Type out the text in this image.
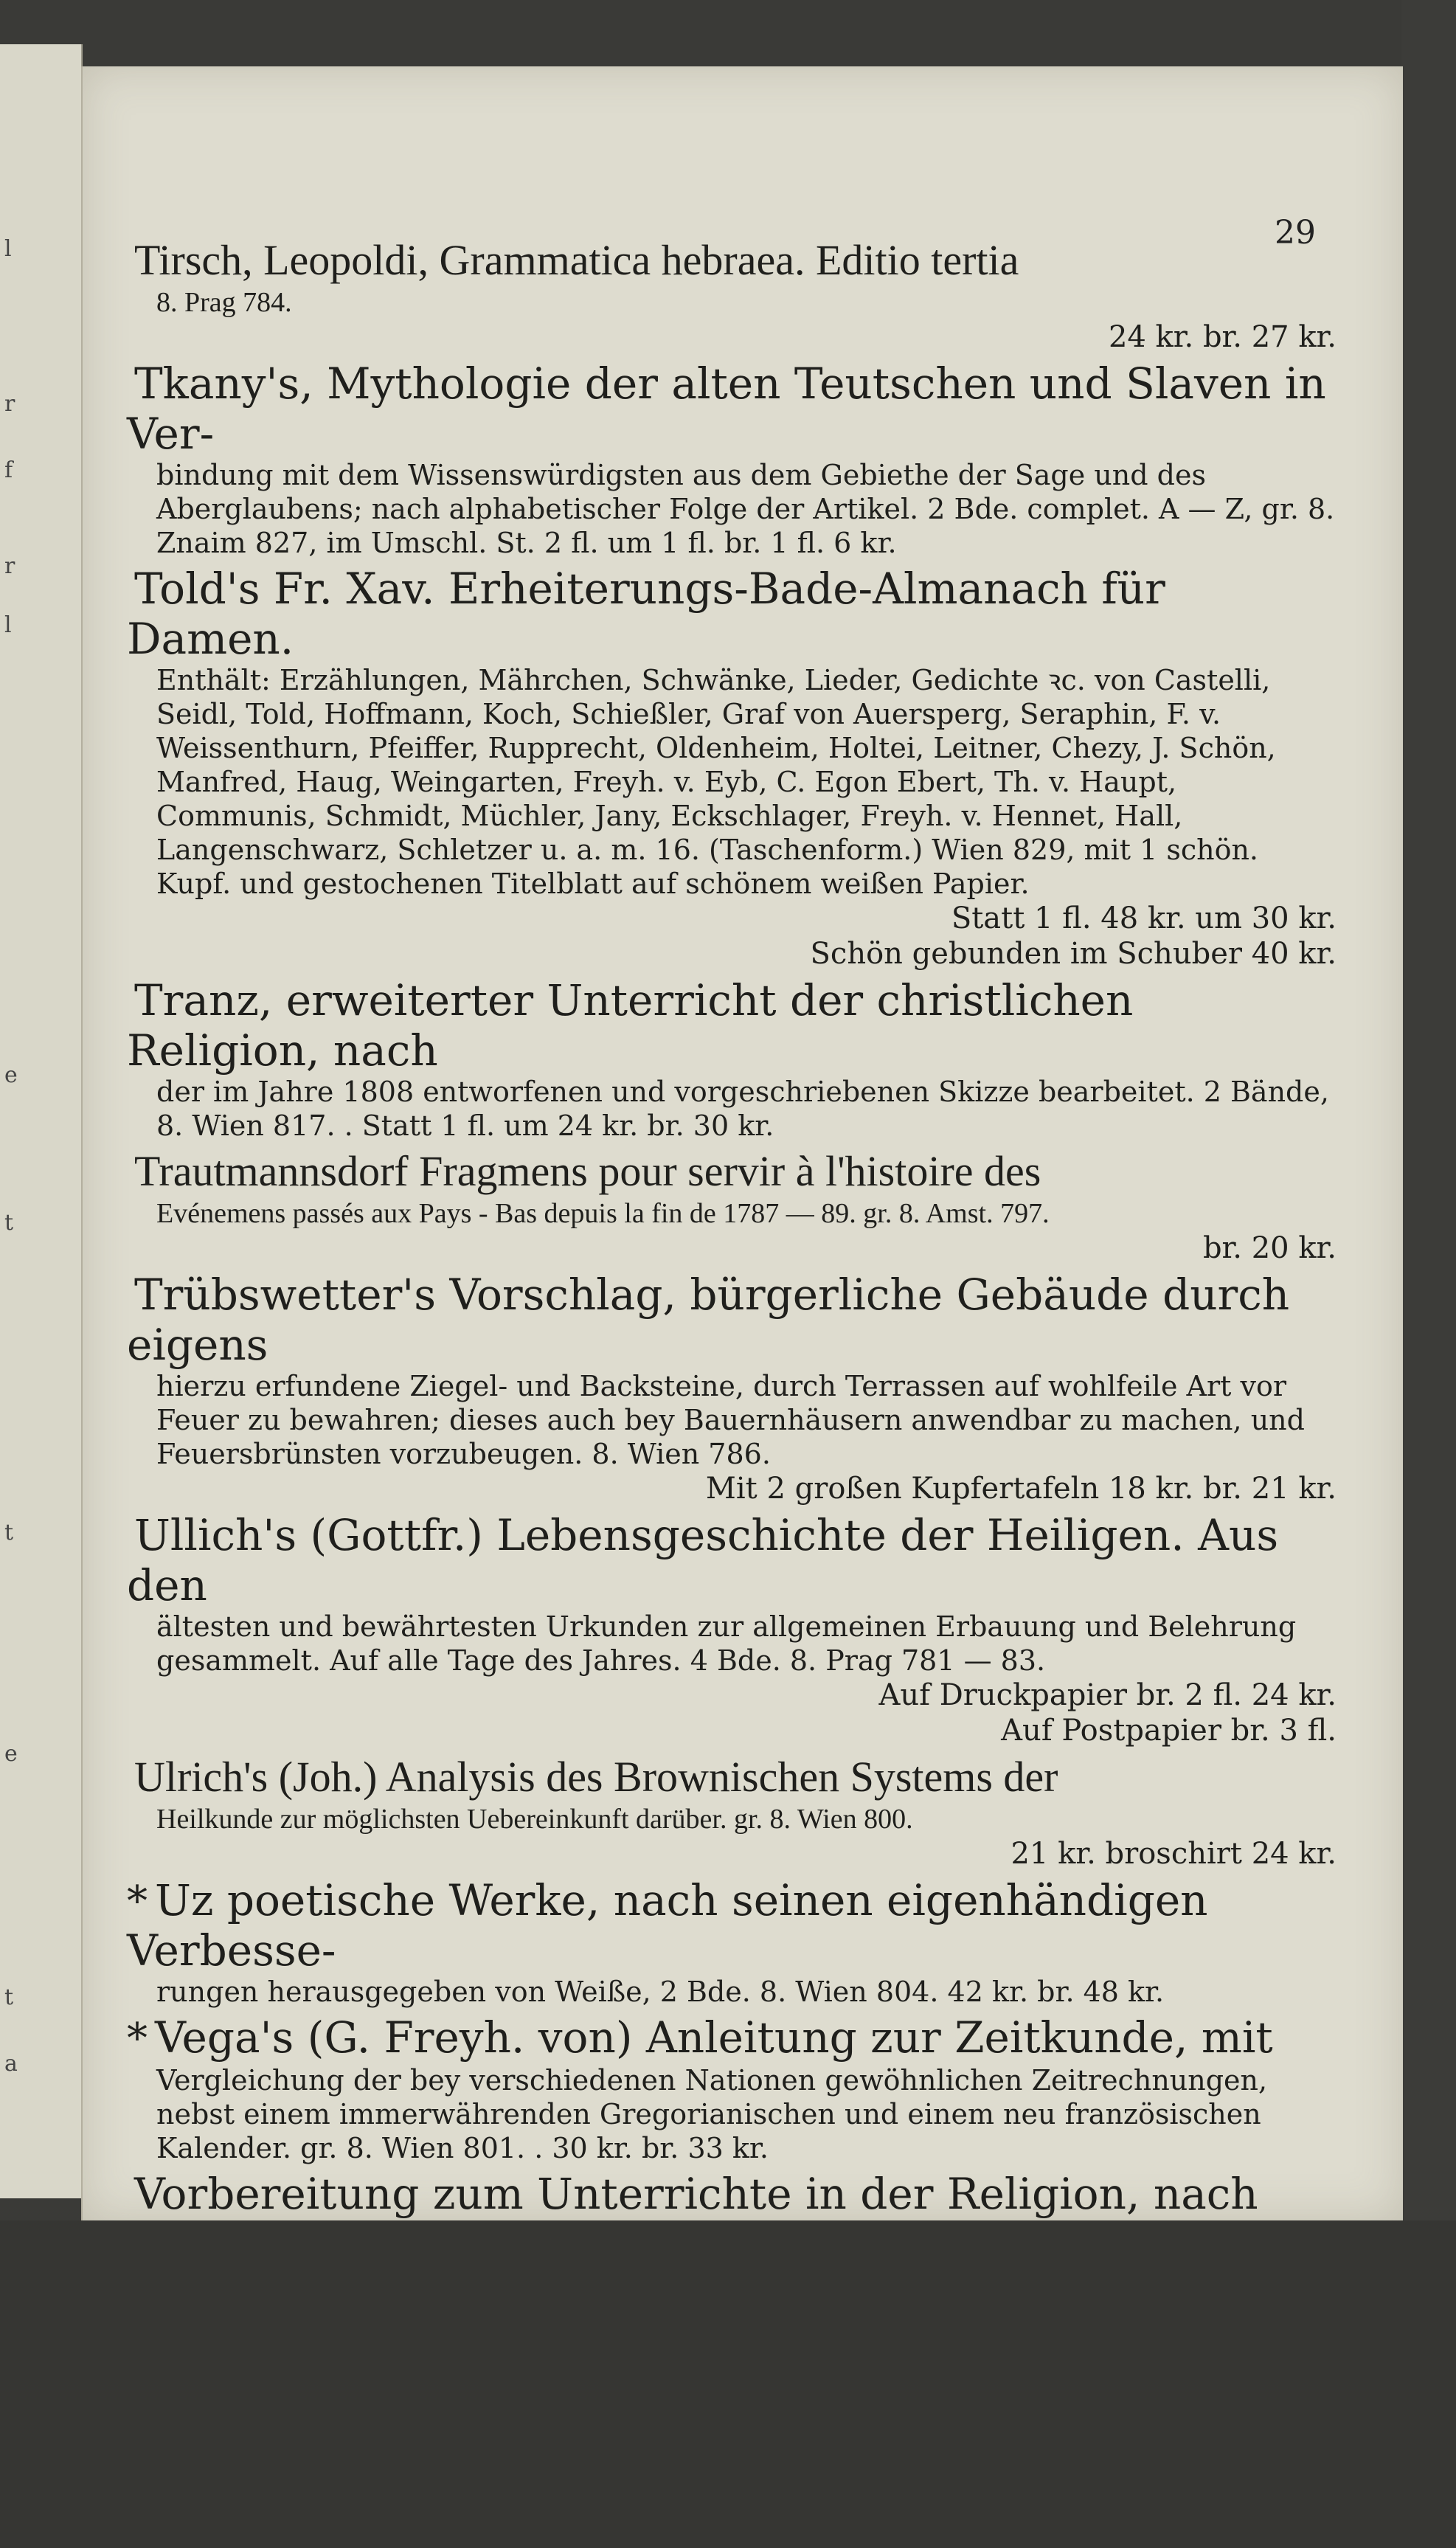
l
r
f
r
l
e
t
t
e
t
a
29

Tirsch, Leopoldi, Grammatica hebraea. Editio tertia

8. Prag 784.

24 kr. br. 27 kr.

Tkany's, Mythologie der alten Teutschen und Slaven in Ver-

bindung mit dem Wissenswürdigsten aus dem Gebiethe der Sage und des Aberglaubens; nach alphabetischer Folge der Artikel. 2 Bde. complet. A — Z, gr. 8. Znaim 827, im Umschl. St. 2 fl. um 1 fl. br. 1 fl. 6 kr.

Told's Fr. Xav. Erheiterungs-Bade-Almanach für Damen.

Enthält: Erzählungen, Mährchen, Schwänke, Lieder, Gedichte ꝛc. von Castelli, Seidl, Told, Hoffmann, Koch, Schießler, Graf von Auersperg, Seraphin, F. v. Weissenthurn, Pfeiffer, Rupprecht, Oldenheim, Holtei, Leitner, Chezy, J. Schön, Manfred, Haug, Weingarten, Freyh. v. Eyb, C. Egon Ebert, Th. v. Haupt, Communis, Schmidt, Müchler, Jany, Eckschlager, Freyh. v. Hennet, Hall, Langenschwarz, Schletzer u. a. m. 16. (Taschenform.) Wien 829, mit 1 schön. Kupf. und gestochenen Titelblatt auf schönem weißen Papier.

Statt 1 fl. 48 kr. um 30 kr.

Schön gebunden im Schuber 40 kr.

Tranz, erweiterter Unterricht der christlichen Religion, nach

der im Jahre 1808 entworfenen und vorgeschriebenen Skizze bearbeitet. 2 Bände, 8. Wien 817. . Statt 1 fl. um 24 kr. br. 30 kr.

Trautmannsdorf Fragmens pour servir à l'histoire des

Evénemens passés aux Pays - Bas depuis la fin de 1787 — 89. gr. 8. Amst. 797.

br. 20 kr.

Trübswetter's Vorschlag, bürgerliche Gebäude durch eigens

hierzu erfundene Ziegel- und Backsteine, durch Terrassen auf wohlfeile Art vor Feuer zu bewahren; dieses auch bey Bauernhäusern anwendbar zu machen, und Feuersbrünsten vorzubeugen. 8. Wien 786.

Mit 2 großen Kupfertafeln 18 kr. br. 21 kr.

Ullich's (Gottfr.) Lebensgeschichte der Heiligen. Aus den

ältesten und bewährtesten Urkunden zur allgemeinen Erbauung und Belehrung gesammelt. Auf alle Tage des Jahres. 4 Bde. 8. Prag 781 — 83.

Auf Druckpapier br. 2 fl. 24 kr.

Auf Postpapier br. 3 fl.

Ulrich's (Joh.) Analysis des Brownischen Systems der

Heilkunde zur möglichsten Uebereinkunft darüber. gr. 8. Wien 800.

21 kr. broschirt 24 kr.

* Uz poetische Werke, nach seinen eigenhändigen Verbesse-

rungen herausgegeben von Weiße, 2 Bde. 8. Wien 804. 42 kr. br. 48 kr.

* Vega's (G. Freyh. von) Anleitung zur Zeitkunde, mit

Vergleichung der bey verschiedenen Nationen gewöhnlichen Zeitrechnungen, nebst einem immerwährenden Gregorianischen und einem neu französischen Kalender. gr. 8. Wien 801. . 30 kr. br. 33 kr.

Vorbereitung zum Unterrichte in der Religion, nach
